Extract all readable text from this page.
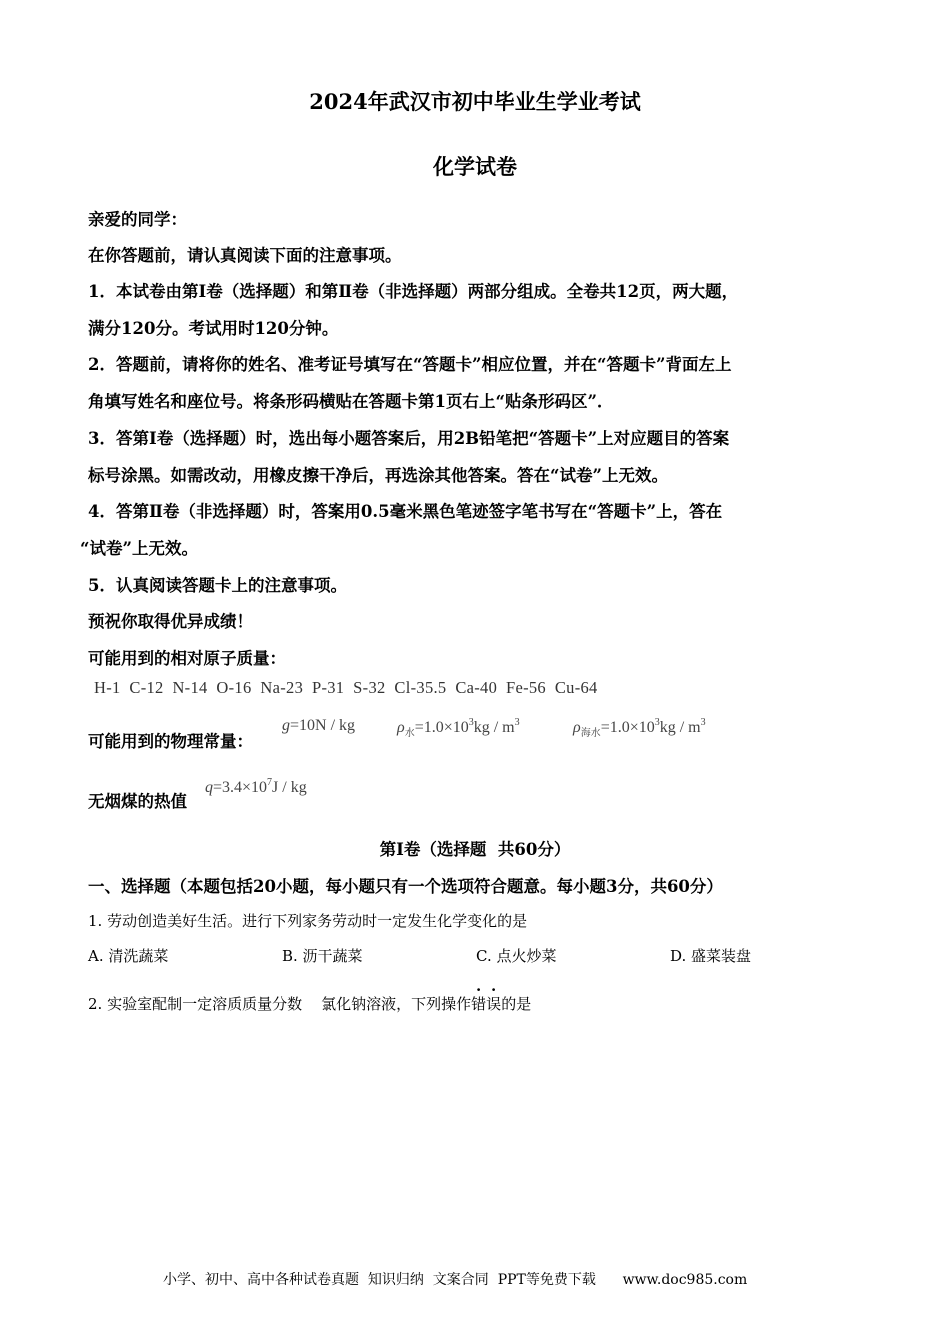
2024年武汉市初中毕业生学业考试
化学试卷
亲爱的同学：
在你答题前，请认真阅读下面的注意事项。
1．本试卷由第Ⅰ卷（选择题）和第Ⅱ卷（非选择题）两部分组成。全卷共12页，两大题，
满分120分。考试用时120分钟。
2．答题前，请将你的姓名、准考证号填写在“答题卡”相应位置，并在“答题卡”背面左上
角填写姓名和座位号。将条形码横贴在答题卡第1页右上“贴条形码区”．
3．答第Ⅰ卷（选择题）时，选出每小题答案后，用2B铅笔把“答题卡”上对应题目的答案
标号涂黑。如需改动，用橡皮擦干净后，再选涂其他答案。答在“试卷”上无效。
4．答第Ⅱ卷（非选择题）时，答案用0.5毫米黑色笔迹签字笔书写在“答题卡”上，答在
“试卷”上无效。
5．认真阅读答题卡上的注意事项。
预祝你取得优异成绩！
可能用到的相对原子质量：
H-1  C-12  N-14  O-16  Na-23  P-31  S-32  Cl-35.5  Ca-40  Fe-56  Cu-64
可能用到的物理常量：
g=10N / kg	$\rho_水=1.0\times 10^3kg / m^3$	$\rho_{海水}=1.0\times 10^3kg / m^3$
无烟煤的热值
$q=3.4\times 10^7J$ / kg
第Ⅰ卷（选择题  共60分）
一、选择题（本题包括20小题，每小题只有一个选项符合题意。每小题3分，共60分）
1. 劳动创造美好生活。进行下列家务劳动时一定发生化学变化的是
A. 清洗蔬菜	B. 沥干蔬菜	C. 点火炒菜	D. 盛菜装盘
2. 实验室配制一定溶质质量分数    氯化钠溶液，下列操作错误的是
小学、初中、高中各种试卷真题  知识归纳  文案合同  PPT等免费下载      www.doc985.com
